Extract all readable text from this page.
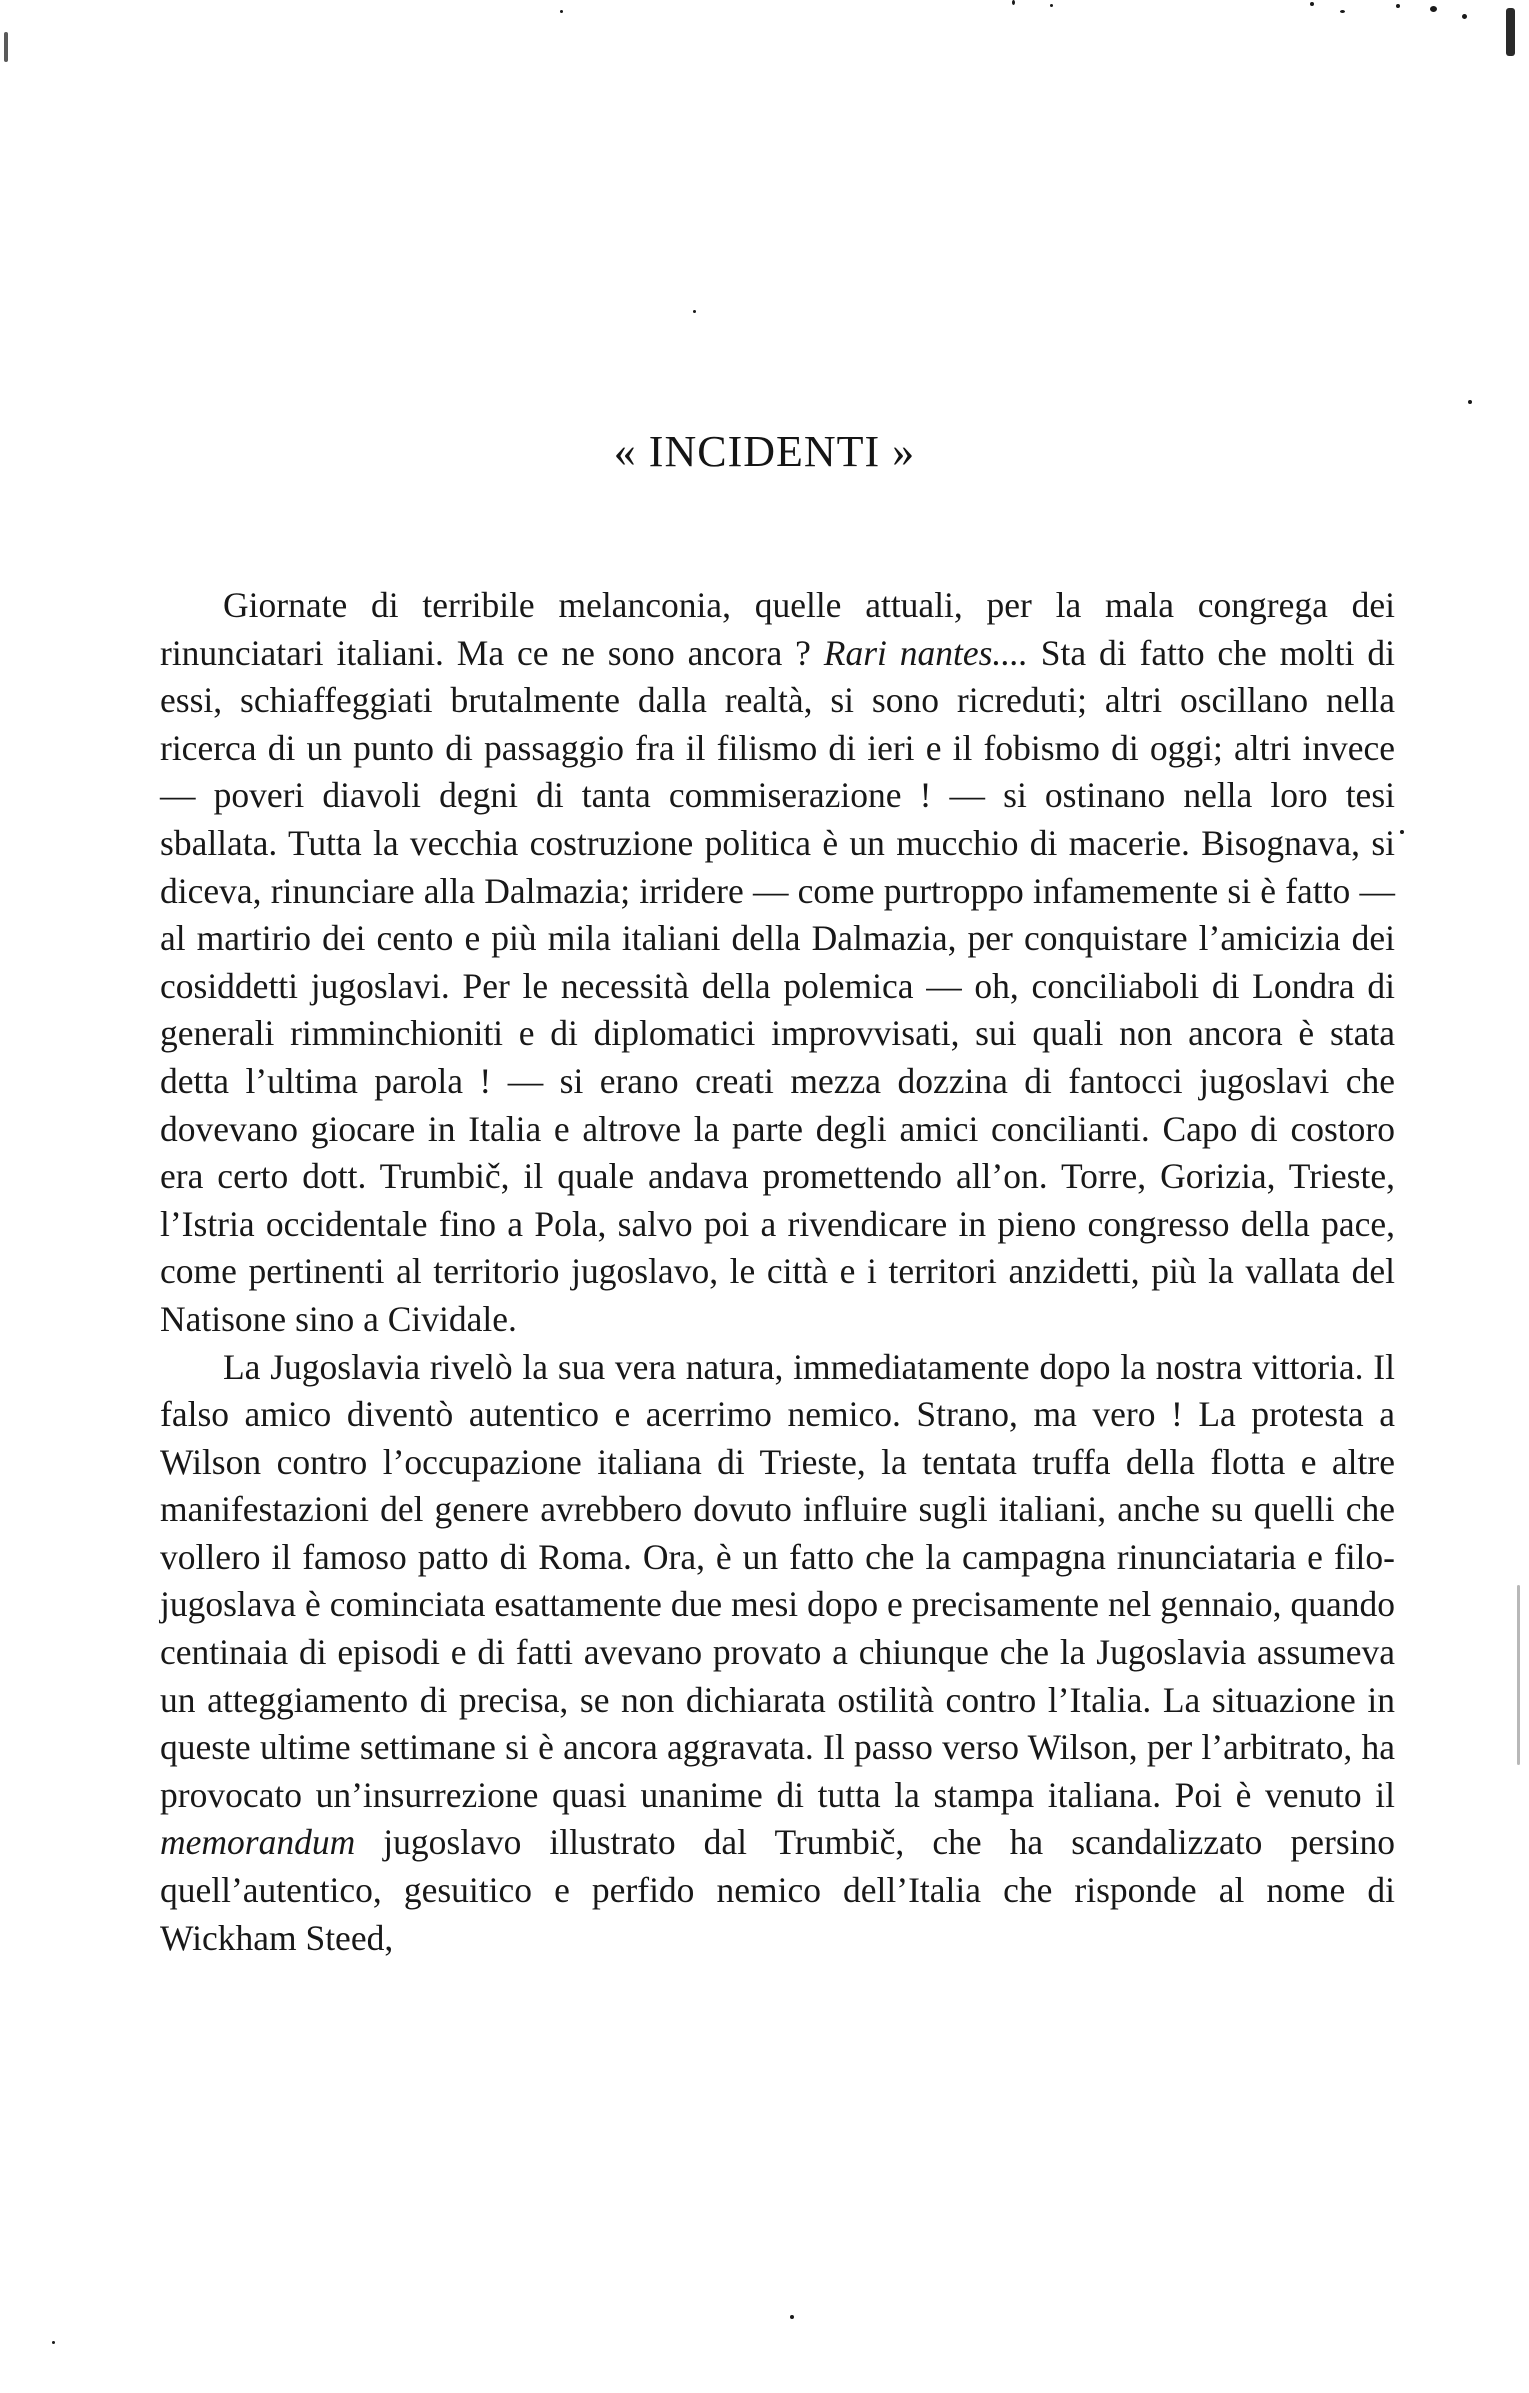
« INCIDENTI »

Giornate di terribile melanconia, quelle attuali, per la mala congrega dei rinunciatari italiani. Ma ce ne sono ancora ? Rari nantes.... Sta di fatto che molti di essi, schiaffeggiati brutalmente dalla realtà, si sono ricreduti; altri oscillano nella ricerca di un punto di passaggio fra il filismo di ieri e il fobismo di oggi; altri invece — poveri diavoli degni di tanta commiserazione ! — si ostinano nella loro tesi sballata. Tutta la vecchia costruzione politica è un mucchio di macerie. Bisognava, si diceva, rinunciare alla Dalmazia; irridere — come purtroppo infamemente si è fatto — al martirio dei cento e più mila italiani della Dalmazia, per conquistare l’amicizia dei cosiddetti jugoslavi. Per le necessità della polemica — oh, conciliaboli di Londra di generali rimminchioniti e di diplomatici improvvisati, sui quali non ancora è stata detta l’ultima parola ! — si erano creati mezza dozzina di fantocci jugoslavi che dovevano giocare in Italia e altrove la parte degli amici concilianti. Capo di costoro era certo dott. Trumbič, il quale andava promettendo all’on. Torre, Gorizia, Trieste, l’Istria occidentale fino a Pola, salvo poi a rivendicare in pieno congresso della pace, come pertinenti al territorio jugoslavo, le città e i territori anzidetti, più la vallata del Natisone sino a Cividale.

La Jugoslavia rivelò la sua vera natura, immediatamente dopo la nostra vittoria. Il falso amico diventò autentico e acerrimo nemico. Strano, ma vero ! La protesta a Wilson contro l’occupazione italiana di Trieste, la tentata truffa della flotta e altre manifestazioni del genere avrebbero dovuto influire sugli italiani, anche su quelli che vollero il famoso patto di Roma. Ora, è un fatto che la campagna rinunciataria e filo-jugoslava è cominciata esattamente due mesi dopo e precisamente nel gennaio, quando centinaia di episodi e di fatti avevano provato a chiunque che la Jugoslavia assumeva un atteggiamento di precisa, se non dichiarata ostilità contro l’Italia. La situazione in queste ultime settimane si è ancora aggravata. Il passo verso Wilson, per l’arbitrato, ha provocato un’insurrezione quasi unanime di tutta la stampa italiana. Poi è venuto il memorandum jugoslavo illustrato dal Trumbič, che ha scandalizzato persino quell’autentico, gesuitico e perfido nemico dell’Italia che risponde al nome di Wickham Steed,
